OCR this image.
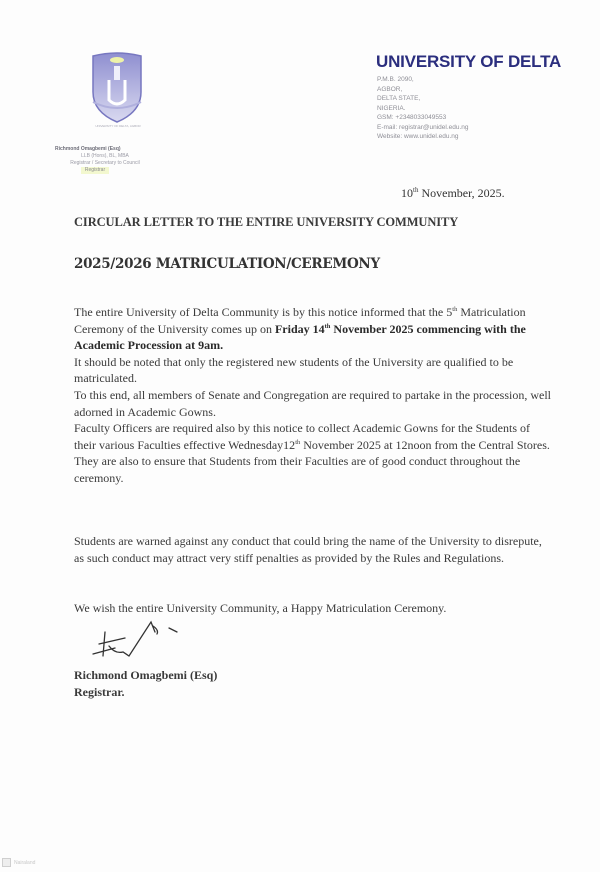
UNIVERSITY OF DELTA, AGBOR
Richmond Omagbemi (Esq)
LLB (Hons), BL, MBA
Registrar / Secretary to Council
Registrar
UNIVERSITY OF DELTA
P.M.B. 2090,
AGBOR,
DELTA STATE,
NIGERIA.
GSM: +2348033049553
E-mail: registrar@unidel.edu.ng
Website: www.unidel.edu.ng
10th November, 2025.
CIRCULAR LETTER TO THE ENTIRE UNIVERSITY COMMUNITY
2025/2026 MATRICULATION/CEREMONY

The entire University of Delta Community is by this notice informed that the 5th Matriculation Ceremony of the University comes up on Friday 14th November 2025 commencing with the Academic Procession at 9am.

It should be noted that only the registered new students of the University are qualified to be matriculated.

To this end, all members of Senate and Congregation are required to partake in the procession, well adorned in Academic Gowns.

Faculty Officers are required also by this notice to collect Academic Gowns for the Students of their various Faculties effective Wednesday12th November 2025 at 12noon from the Central Stores. They are also to ensure that Students from their Faculties are of good conduct throughout the ceremony.

Students are warned against any conduct that could bring the name of the University to disrepute, as such conduct may attract very stiff penalties as provided by the Rules and Regulations.
We wish the entire University Community, a Happy Matriculation Ceremony.
Richmond Omagbemi (Esq)
Registrar.
Nairaland
